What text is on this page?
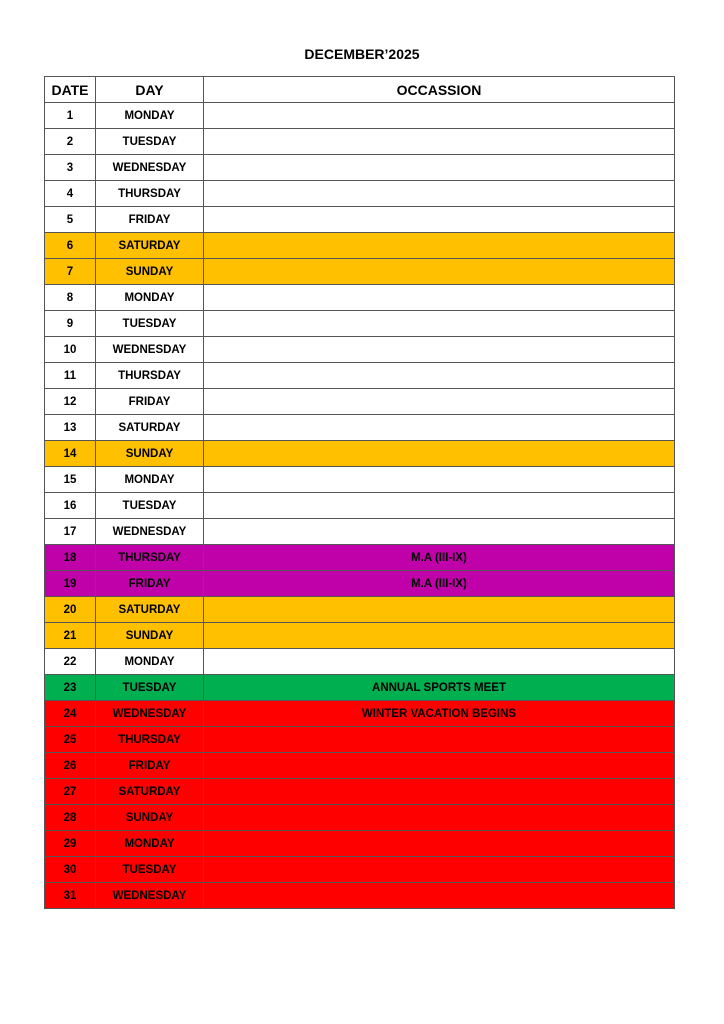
DECEMBER’2025
DATE	DAY	OCCASSION
1	MONDAY	
2	TUESDAY	
3	WEDNESDAY	
4	THURSDAY	
5	FRIDAY	
6	SATURDAY	
7	SUNDAY	
8	MONDAY	
9	TUESDAY	
10	WEDNESDAY	
11	THURSDAY	
12	FRIDAY	
13	SATURDAY	
14	SUNDAY	
15	MONDAY	
16	TUESDAY	
17	WEDNESDAY	
18	THURSDAY	M.A (III-IX)
19	FRIDAY	M.A (III-IX)
20	SATURDAY	
21	SUNDAY	
22	MONDAY	
23	TUESDAY	ANNUAL SPORTS MEET
24	WEDNESDAY	WINTER VACATION BEGINS
25	THURSDAY	
26	FRIDAY	
27	SATURDAY	
28	SUNDAY	
29	MONDAY	
30	TUESDAY	
31	WEDNESDAY	
